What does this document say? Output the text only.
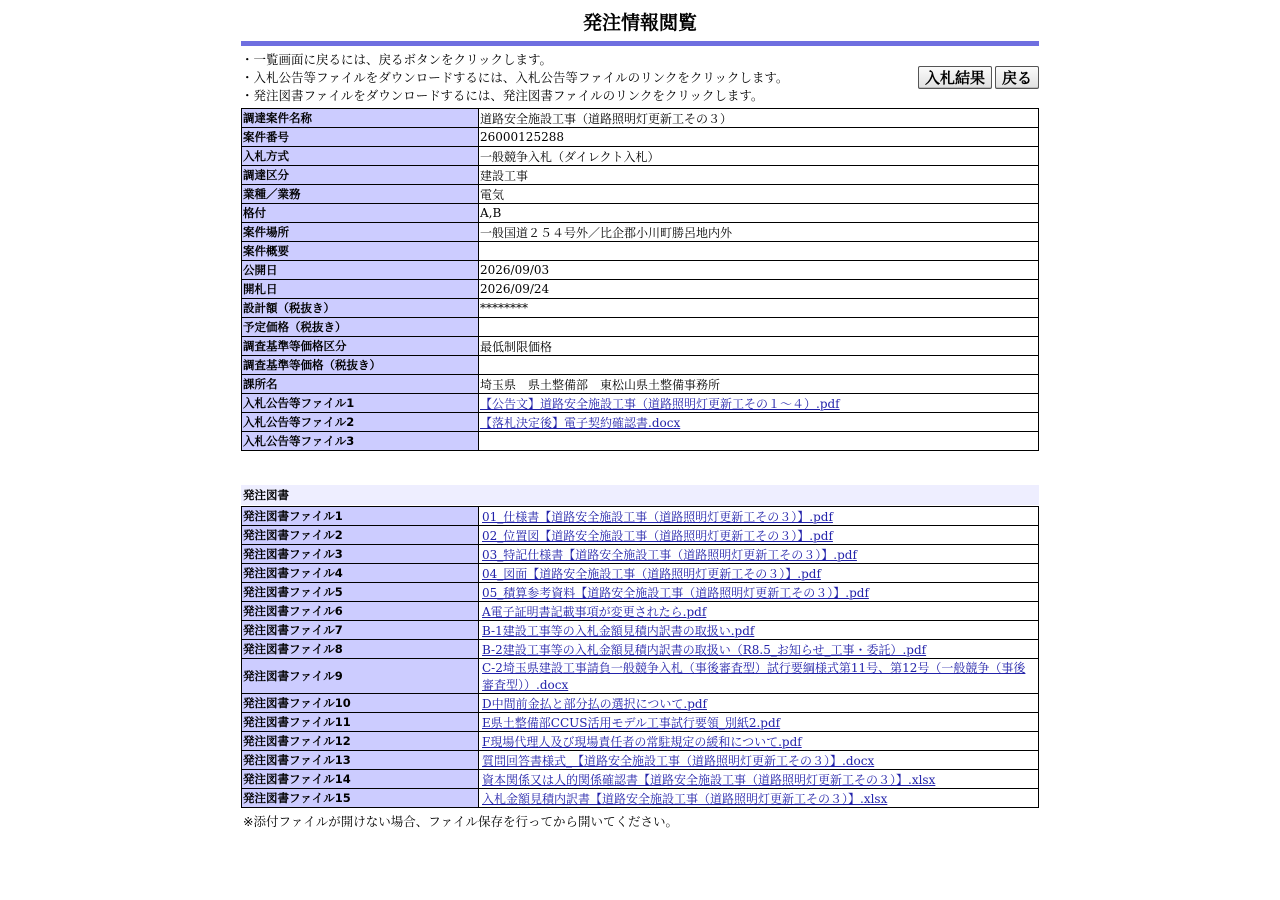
発注情報閲覧
・一覧画面に戻るには、戻るボタンをクリックします。
・入札公告等ファイルをダウンロードするには、入札公告等ファイルのリンクをクリックします。
・発注図書ファイルをダウンロードするには、発注図書ファイルのリンクをクリックします。
入札結果	戻る
調達案件名称	道路安全施設工事（道路照明灯更新工その３）
案件番号	26000125288
入札方式	一般競争入札（ダイレクト入札）
調達区分	建設工事
業種／業務	電気
格付	A,B
案件場所	一般国道２５４号外／比企郡小川町勝呂地内外
案件概要	
公開日	2026/09/03
開札日	2026/09/24
設計額（税抜き）	********
予定価格（税抜き）	
調査基準等価格区分	最低制限価格
調査基準等価格（税抜き）	
課所名	埼玉県　県土整備部　東松山県土整備事務所
入札公告等ファイル1	【公告文】道路安全施設工事（道路照明灯更新工その１～４）.pdf
入札公告等ファイル2	【落札決定後】電子契約確認書.docx
入札公告等ファイル3	
発注図書
発注図書ファイル1	01_仕様書【道路安全施設工事（道路照明灯更新工その３）】.pdf
発注図書ファイル2	02_位置図【道路安全施設工事（道路照明灯更新工その３）】.pdf
発注図書ファイル3	03_特記仕様書【道路安全施設工事（道路照明灯更新工その３）】.pdf
発注図書ファイル4	04_図面【道路安全施設工事（道路照明灯更新工その３）】.pdf
発注図書ファイル5	05_積算参考資料【道路安全施設工事（道路照明灯更新工その３）】.pdf
発注図書ファイル6	A電子証明書記載事項が変更されたら.pdf
発注図書ファイル7	B-1建設工事等の入札金額見積内訳書の取扱い.pdf
発注図書ファイル8	B-2建設工事等の入札金額見積内訳書の取扱い（R8.5_お知らせ_工事・委託）.pdf
発注図書ファイル9	C-2埼玉県建設工事請負一般競争入札（事後審査型）試行要綱様式第11号、第12号（一般競争（事後審査型））.docx
発注図書ファイル10	D中間前金払と部分払の選択について.pdf
発注図書ファイル11	E県土整備部CCUS活用モデル工事試行要領_別紙2.pdf
発注図書ファイル12	F現場代理人及び現場責任者の常駐規定の緩和について.pdf
発注図書ファイル13	質問回答書様式_【道路安全施設工事（道路照明灯更新工その３）】.docx
発注図書ファイル14	資本関係又は人的関係確認書【道路安全施設工事（道路照明灯更新工その３）】.xlsx
発注図書ファイル15	入札金額見積内訳書【道路安全施設工事（道路照明灯更新工その３）】.xlsx
※添付ファイルが開けない場合、ファイル保存を行ってから開いてください。
